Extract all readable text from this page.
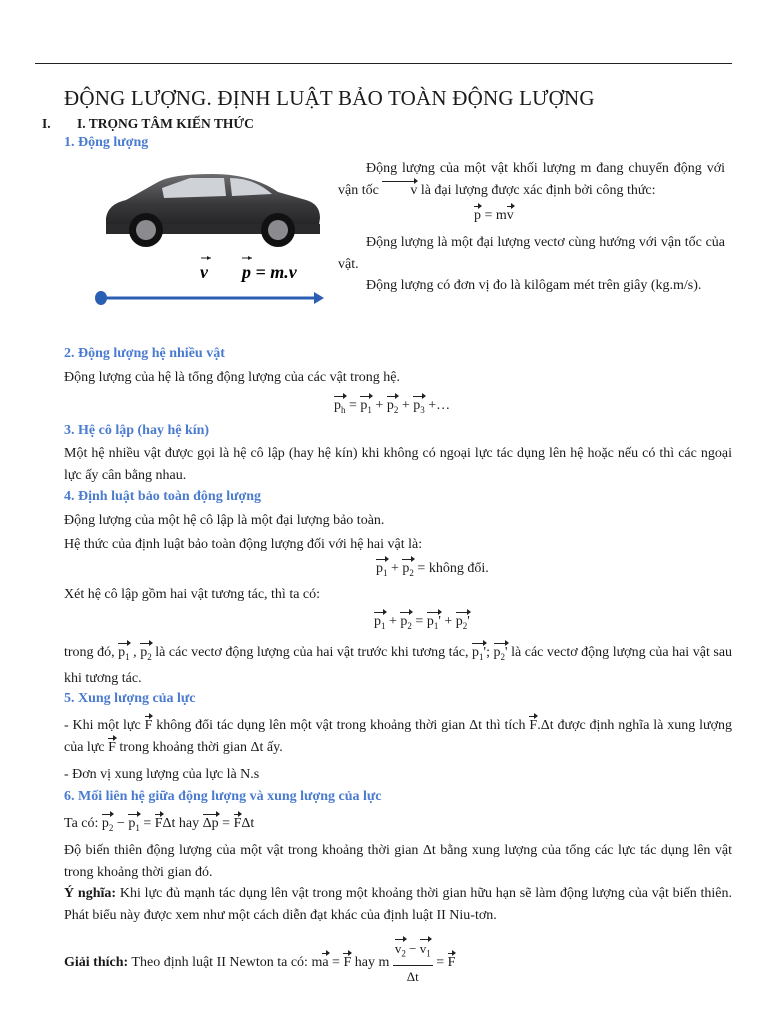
ĐỘNG LƯỢNG. ĐỊNH LUẬT BẢO TOÀN ĐỘNG LƯỢNG
I. I. TRỌNG TÂM KIẾN THỨC
1. Động lượng
v p = m.v
Động lượng của một vật khối lượng m đang chuyển động với vận tốc v là đại lượng được xác định bởi công thức:
p = mv
Động lượng là một đại lượng vectơ cùng hướng với vận tốc của vật.
Động lượng có đơn vị đo là kilôgam mét trên giây (kg.m/s).
2. Động lượng hệ nhiều vật
Động lượng của hệ là tổng động lượng của các vật trong hệ.
$p_h = p_1 + p_2 + p_3$ +…
3. Hệ cô lập (hay hệ kín)
Một hệ nhiều vật được gọi là hệ cô lập (hay hệ kín) khi không có ngoại lực tác dụng lên hệ hoặc nếu có thì các ngoại lực ấy cân bằng nhau.
4. Định luật bảo toàn động lượng
Động lượng của một hệ cô lập là một đại lượng bảo toàn.
Hệ thức của định luật bảo toàn động lượng đối với hệ hai vật là:
$p_1 + p_2$ = không đổi.
Xét hệ cô lập gồm hai vật tương tác, thì ta có:
$p_1 + p_2 = p_1' + p_2'$
trong đó, $p_1$ , $p_2$ là các vectơ động lượng của hai vật trước khi tương tác, $p_1'$; $p_2'$ là các vectơ động lượng của hai vật sau khi tương tác.
5. Xung lượng của lực
- Khi một lực F không đổi tác dụng lên một vật trong khoảng thời gian Δt thì tích F.Δt được định nghĩa là xung lượng của lực F trong khoảng thời gian Δt ấy.
- Đơn vị xung lượng của lực là N.s
6. Mối liên hệ giữa động lượng và xung lượng của lực
Ta có: $p_2 - p_1 = F\Delta t$ hay Δp = FΔt
Độ biến thiên động lượng của một vật trong khoảng thời gian Δt bằng xung lượng của tổng các lực tác dụng lên vật trong khoảng thời gian đó.
Ý nghĩa: Khi lực đủ mạnh tác dụng lên vật trong một khoảng thời gian hữu hạn sẽ làm động lượng của vật biến thiên. Phát biểu này được xem như một cách diễn đạt khác của định luật II Niu-tơn.
Giải thích: Theo định luật II Newton ta có: ma = F hay m $\frac{v_2 - v_1}{\Delta t} = F$
